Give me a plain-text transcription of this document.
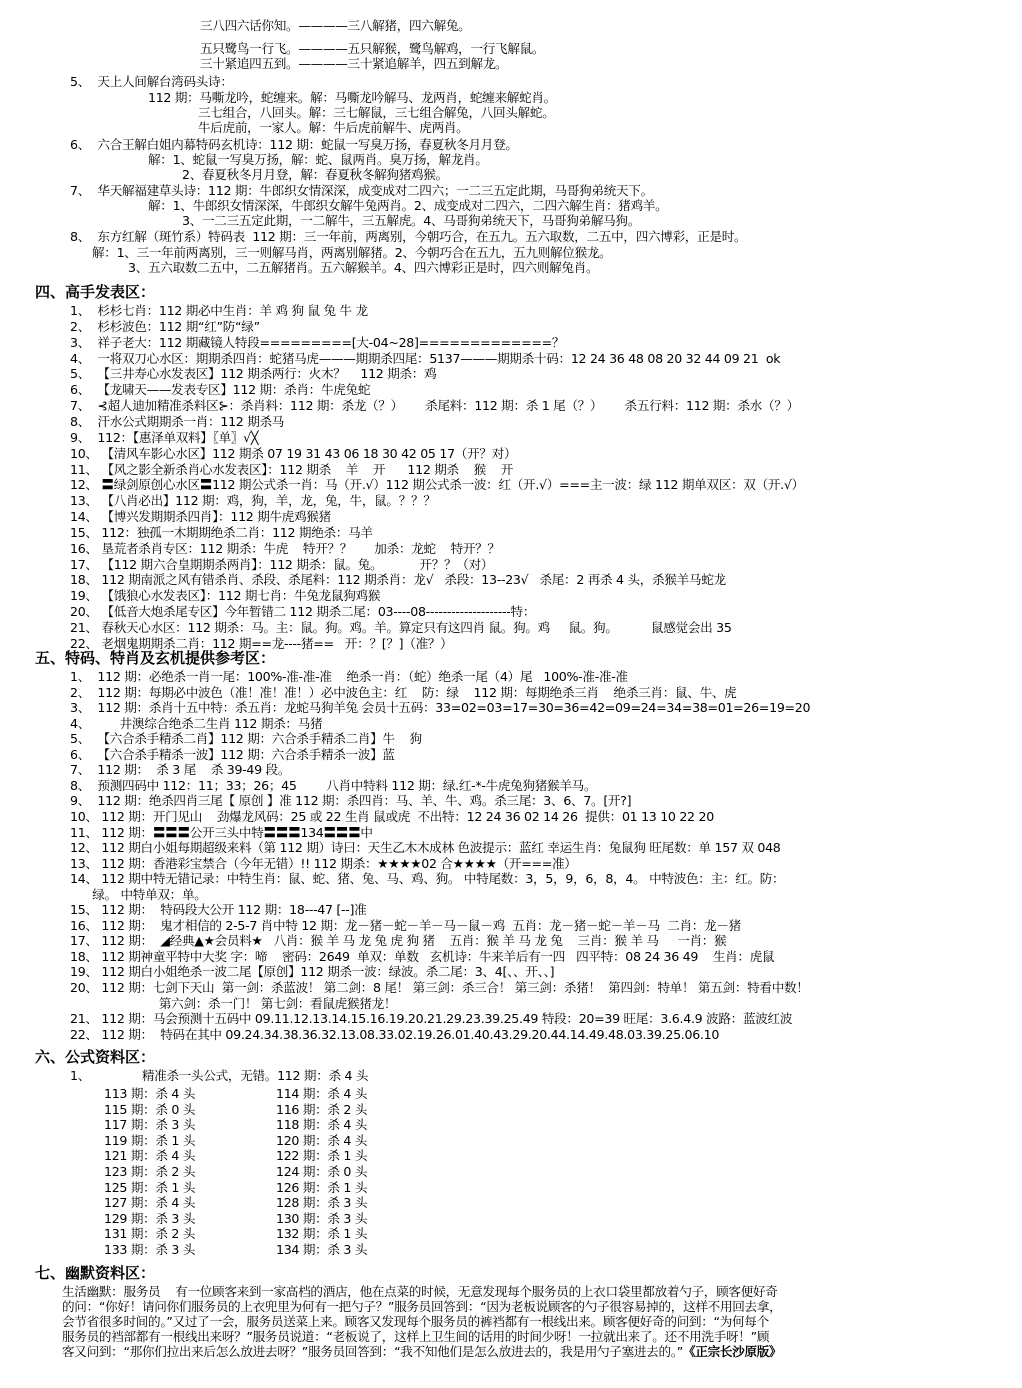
三八四六话你知。————三八解猪，四六解兔。
五只鹭鸟一行飞。————五只解猴，鹭鸟解鸡，一行飞解鼠。
三十紧追四五到。————三十紧追解羊，四五到解龙。
5、  天上人间解台湾码头诗：
112 期：马嘶龙吟，蛇缠来。解：马嘶龙吟解马、龙两肖，蛇缠来解蛇肖。
三七组合，八回头。解：三七解鼠，三七组合解兔，八回头解蛇。
牛后虎前，一家人。解：牛后虎前解牛、虎两肖。
6、  六合王解白姐内幕特码玄机诗：112 期：蛇鼠一写臭万扬，春夏秋冬月月登。
解：1、蛇鼠一写臭万扬，解：蛇、鼠两肖。臭万扬，解龙肖。
2、春夏秋冬月月登，解：春夏秋冬解狗猪鸡猴。
7、  华天解福建草头诗：112 期：牛郎织女情深深，成变成对二四六；一二三五定此期，马哥狗弟统天下。
解：1、牛郎织女情深深，牛郎织女解牛兔两肖。2、成变成对二四六，二四六解生肖：猪鸡羊。
3、一二三五定此期，一二解牛，三五解虎。4、马哥狗弟统天下，马哥狗弟解马狗。
8、  东方红解（斑竹系）特码表  112 期：三一年前，两离别，今朝巧合，在五九。五六取数，二五中，四六博彩，正是时。
解：1、三一年前两离别，三一则解马肖，两离别解猪。2、今朝巧合在五九，五九则解位猴龙。
3、五六取数二五中，二五解猪肖。五六解猴羊。4、四六博彩正是时，四六则解兔肖。
四、高手发表区：
1、  杉杉七肖：112 期必中生肖：羊 鸡 狗 鼠 兔 牛 龙
2、  杉杉波色：112 期“红”防“绿”
3、  祥子老大：112 期藏镜人特段=========[大-04~28]=============？
4、  一将双刀心水区：期期杀四肖：蛇猪马虎———期期杀四尾：5137———期期杀十码：12 24 36 48 08 20 32 44 09 21  ok
5、  【三井寿心水发表区】112 期杀两行：火木？    112 期杀：鸡
6、  【龙啸天——发表专区】112 期：杀肖：牛虎兔蛇
7、  ⊰超人迪加精准杀料区⊱：杀肖料：112 期：杀龙（？）      杀尾料：112 期：杀 1 尾（？）      杀五行料：112 期：杀水（？）
8、  汗水公式期期杀一肖：112 期杀马
9、  112：【惠泽单双料】〖单〗√╳
10、 【清风车影心水区】112 期杀 07 19 31 43 06 18 30 42 05 17（开？对）
11、 【风之影全新杀肖心水发表区】：112 期杀    羊    开      112 期杀    猴    开
12、 〓绿剑原创心水区〓112 期公式杀一肖：马（开.√）112 期公式杀一波：红（开.√）===主一波：绿 112 期单双区：双（开.√）
13、 【八肖必出】112 期：鸡，狗，羊，龙，兔，牛，鼠。？？？
14、 【博兴发期期杀四肖】：112 期牛虎鸡猴猪
15、 112：独孤一木期期绝杀二肖：112 期绝杀：马羊
16、 垦荒者杀肖专区：112 期杀：牛虎    特开？？      加杀：龙蛇    特开？？
17、 【112 期六合皇期期杀两肖】：112 期杀：鼠。兔。          开？？（对）
18、 112 期南派之风有错杀肖、杀段、杀尾料：112 期杀肖：龙√   杀段：13--23√   杀尾：2 再杀 4 头，杀猴羊马蛇龙
19、 【饿狼心水发表区】：112 期七肖：牛兔龙鼠狗鸡猴
20、 【低音大炮杀尾专区】今年暂错二 112 期杀二尾：03----08--------------------特：
21、 春秋天心水区：112 期杀：马。主：鼠。狗。鸡。羊。算定只有这四肖 鼠。狗。鸡     鼠。狗。         鼠感觉会出 35
22、 老烟鬼期期杀二肖：112 期==龙----猪==   开：？[？]（准？）
五、特码、特肖及玄机提供参考区：
1、  112 期：必绝杀一肖一尾：100%-准-准-准    绝杀一肖：（蛇）绝杀一尾（4）尾   100%-准-准-准
2、  112 期：每期必中波色（准！准！准！）必中波色主：红    防：绿    112 期：每期绝杀三肖    绝杀三肖：鼠、牛、虎
3、  112 期：杀肖十五中特：杀五肖：龙蛇马狗羊兔 会员十五码：33=02=03=17=30=36=42=09=24=34=38=01=26=19=20
4、        井澳综合绝杀二生肖 112 期杀：马猪
5、  【六合杀手精杀二肖】112 期：六合杀手精杀二肖】牛    狗
6、  【六合杀手精杀一波】112 期：六合杀手精杀一波】蓝
7、  112 期：  杀 3 尾    杀 39-49 段。
8、  预测四码中 112：11；33；26；45        八肖中特料 112 期：绿.红-*-牛虎兔狗猪猴羊马。
9、  112 期：绝杀四肖三尾【 原创 】准 112 期：杀四肖：马、羊、牛、鸡。杀三尾：3、6、7。[开?]
10、 112 期：开门见山    劲爆龙风码：25 或 22 生肖 鼠或虎  不出特：12 24 36 02 14 26  提供：01 13 10 22 20
11、 112 期：〓〓〓公开三头中特〓〓〓134〓〓〓中
12、 112 期白小姐每期超级来料（第 112 期）诗曰：天生乙木木成林 色波提示：蓝红 幸运生肖：兔鼠狗 旺尾数：单 157 双 048
13、 112 期：香港彩宝禁合（今年无错）!! 112 期杀：★★★★02 合★★★★（开===准）
14、 112 期中特无错记录：中特生肖：鼠、蛇、猪、兔、马、鸡、狗。 中特尾数：3，5，9，6，8，4。 中特波色：主：红。防：
绿。 中特单双：单。
15、 112 期：  特码段大公开 112 期：18---47 [--]准
16、 112 期：  鬼才相信的 2-5-7 肖中特 12 期：龙－猪－蛇－羊－马－鼠－鸡  五肖：龙－猪－蛇－羊－马  二肖：龙－猪
17、 112 期：  ◢经典▲★会员料★   八肖：猴 羊 马 龙 兔 虎 狗 猪    五肖：猴 羊 马 龙 兔    三肖：猴 羊 马     一肖：猴
18、 112 期神童平特中大奖 字：啼    密码：2649  单双：单数   玄机诗：牛来羊后有一四   四平特：08 24 36 49    生肖：虎鼠
19、 112 期白小姐绝杀一波二尾【原创】112 期杀一波：绿波。杀二尾：3、4[、、开、、]
20、 112 期：七剑下天山  第一剑：杀蓝波！ 第二剑：8 尾！ 第三剑：杀三合！ 第三剑：杀猪！  第四剑：特单！ 第五剑：特看中数！
第六剑：杀一门！ 第七剑：看鼠虎猴猪龙！
21、 112 期：马会预测十五码中 09.11.12.13.14.15.16.19.20.21.29.23.39.25.49 特段：20=39 旺尾：3.6.4.9 波路：蓝波红波
22、 112 期：  特码在其中 09.24.34.38.36.32.13.08.33.02.19.26.01.40.43.29.20.44.14.49.48.03.39.25.06.10
六、公式资料区：
1、              精准杀一头公式，无错。112 期：杀 4 头
113 期：杀 4 头	114 期：杀 4 头
115 期：杀 0 头	116 期：杀 2 头
117 期：杀 3 头	118 期：杀 4 头
119 期：杀 1 头	120 期：杀 4 头
121 期：杀 4 头	122 期：杀 1 头
123 期：杀 2 头	124 期：杀 0 头
125 期：杀 1 头	126 期：杀 1 头
127 期：杀 4 头	128 期：杀 3 头
129 期：杀 3 头	130 期：杀 3 头
131 期：杀 2 头	132 期：杀 1 头
133 期：杀 3 头	134 期：杀 3 头
七、幽默资料区：
生活幽默：服务员    有一位顾客来到一家高档的酒店，他在点菜的时候，无意发现每个服务员的上衣口袋里都放着勺子，顾客便好奇
的问：“你好！请问你们服务员的上衣兜里为何有一把勺子？”服务员回答到：“因为老板说顾客的勺子很容易掉的，这样不用回去拿，
会节省很多时间的。”又过了一会，服务员送菜上来。顾客又发现每个服务员的裤裆都有一根线出来。顾客便好奇的问到：“为何每个
服务员的裆部都有一根线出来呀？”服务员说道：“老板说了，这样上卫生间的话用的时间少呀！一拉就出来了。还不用洗手呀！”顾
客又问到：“那你们拉出来后怎么放进去呀？”服务员回答到：“我不知他们是怎么放进去的，我是用勺子塞进去的。”《正宗长沙原版》
